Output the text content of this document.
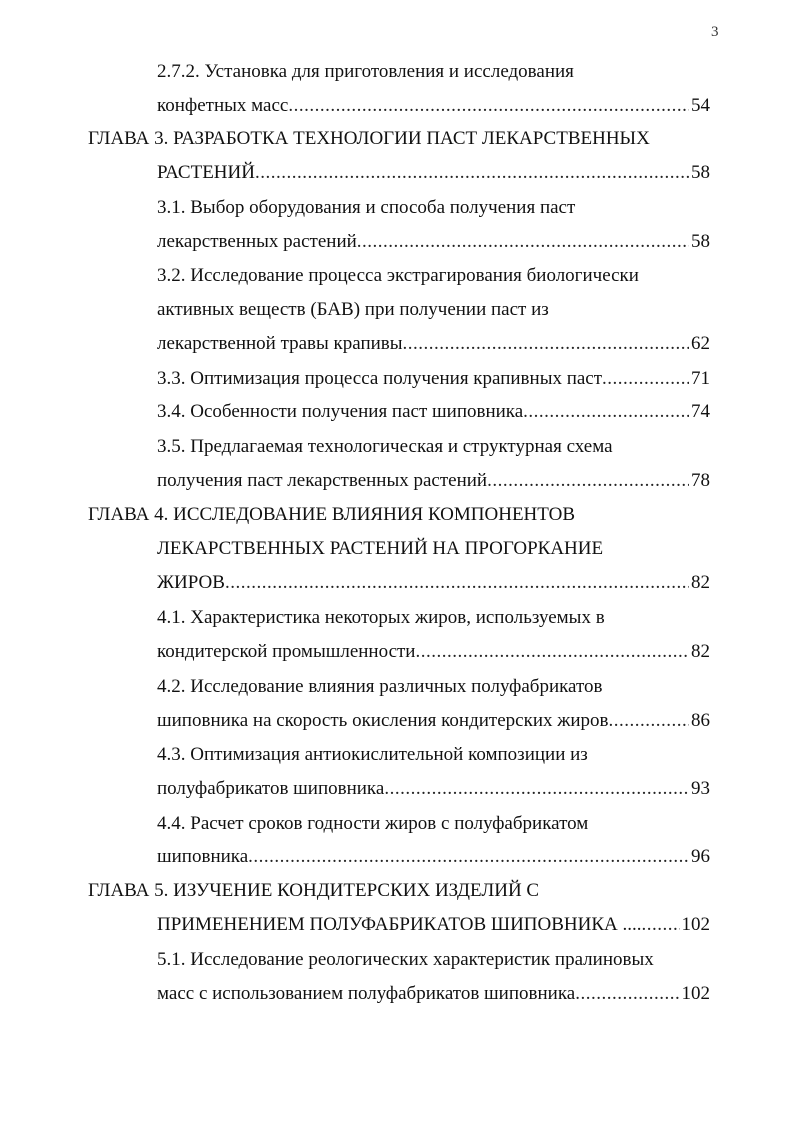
3
2.7.2. Установка для приготовления и исследования
конфетных масс .....	54
ГЛАВА 3. РАЗРАБОТКА ТЕХНОЛОГИИ ПАСТ ЛЕКАРСТВЕННЫХ
РАСТЕНИЙ .....	58
3.1. Выбор оборудования и способа получения паст
лекарственных растений .....	58
3.2. Исследование процесса экстрагирования биологически
активных веществ (БАВ) при получении паст из
лекарственной травы крапивы .....	62
3.3. Оптимизация процесса получения крапивных паст .....	71
3.4. Особенности получения паст шиповника .....	74
3.5. Предлагаемая технологическая и структурная схема
получения паст лекарственных растений .....	78
ГЛАВА 4. ИССЛЕДОВАНИЕ ВЛИЯНИЯ КОМПОНЕНТОВ
ЛЕКАРСТВЕННЫХ РАСТЕНИЙ НА ПРОГОРКАНИЕ
ЖИРОВ .....	82
4.1. Характеристика некоторых жиров, используемых в
кондитерской промышленности .....	82
4.2. Исследование влияния различных полуфабрикатов
шиповника на скорость окисления кондитерских жиров .....	86
4.3. Оптимизация антиокислительной композиции из
полуфабрикатов шиповника .....	93
4.4. Расчет сроков годности жиров с полуфабрикатом
шиповника .....	96
ГЛАВА 5. ИЗУЧЕНИЕ КОНДИТЕРСКИХ ИЗДЕЛИЙ С
ПРИМЕНЕНИЕМ ПОЛУФАБРИКАТОВ ШИПОВНИКА .... ..... 102
5.1. Исследование реологических характеристик пралиновых
масс с использованием полуфабрикатов шиповника .....	102
